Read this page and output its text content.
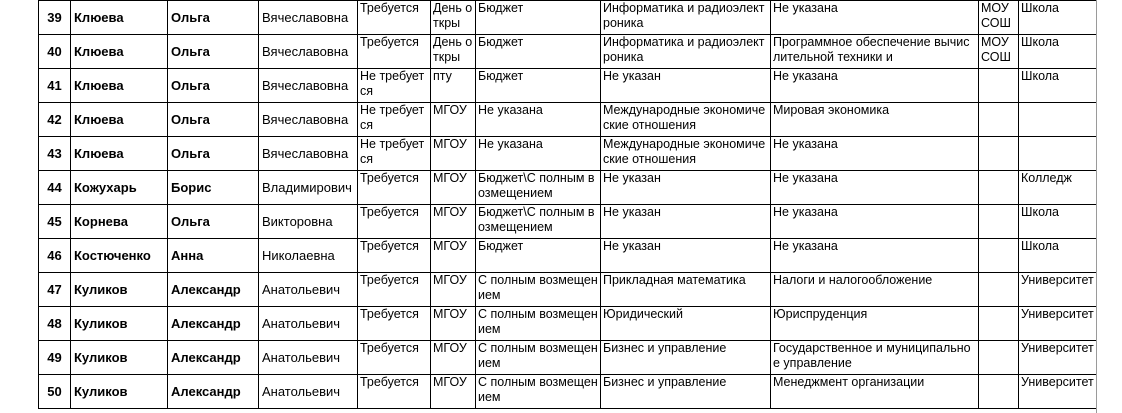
39	Клюева	Ольга	Вячеславовна	Требуется	День откры	Бюджет	Информатика и радиоэлектроника	Не указана	МОУ СОШ	Школа

40	Клюева	Ольга	Вячеславовна	Требуется	День откры	Бюджет	Информатика и радиоэлектроника	Программное обеспечение вычислительной техники и	МОУ СОШ	Школа

41	Клюева	Ольга	Вячеславовна	Не требуется	пту	Бюджет	Не указан	Не указана		Школа

42	Клюева	Ольга	Вячеславовна	Не требуется	МГОУ	Не указана	Международные экономические отношения	Мировая экономика		

43	Клюева	Ольга	Вячеславовна	Не требуется	МГОУ	Не указана	Международные экономические отношения	Не указана		

44	Кожухарь	Борис	Владимирович	Требуется	МГОУ	Бюджет\С полным возмещением	Не указан	Не указана		Колледж

45	Корнева	Ольга	Викторовна	Требуется	МГОУ	Бюджет\С полным возмещением	Не указан	Не указана		Школа

46	Костюченко	Анна	Николаевна	Требуется	МГОУ	Бюджет	Не указан	Не указана		Школа

47	Куликов	Александр	Анатольевич	Требуется	МГОУ	С полным возмещением	Прикладная математика	Налоги и налогообложение		Университет

48	Куликов	Александр	Анатольевич	Требуется	МГОУ	С полным возмещением	Юридический	Юриспруденция		Университет

49	Куликов	Александр	Анатольевич	Требуется	МГОУ	С полным возмещением	Бизнес и управление	Государственное и муниципальное управление		Университет

50	Куликов	Александр	Анатольевич	Требуется	МГОУ	С полным возмещением	Бизнес и управление	Менеджмент организации		Университет
